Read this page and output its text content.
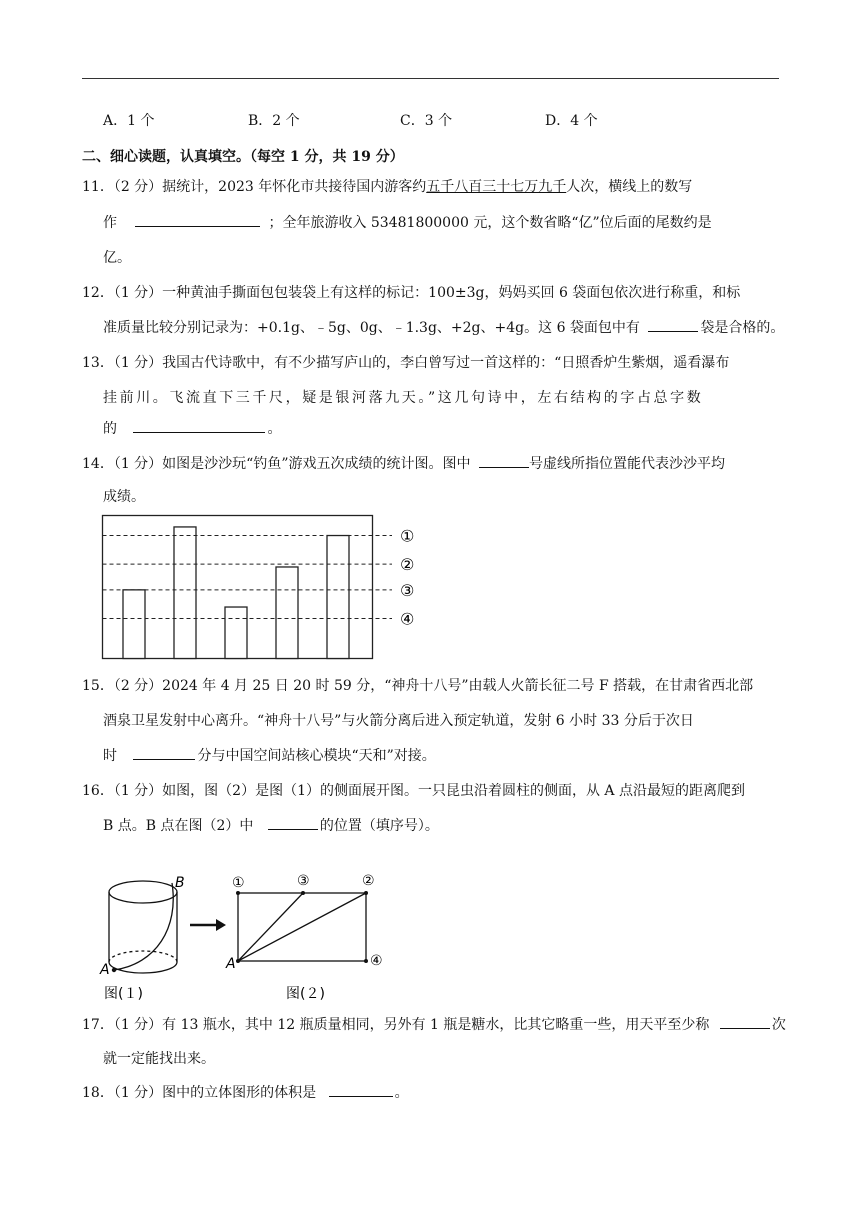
A．1 个	B．2 个	C．3 个	D．4 个
二、细心读题，认真填空。（每空 1 分，共 19 分）
11．（2 分）据统计，2023 年怀化市共接待国内游客约五千八百三十七万九千人次，横线上的数写
作	；全年旅游收入 53481800000 元，这个数省略“亿”位后面的尾数约是
亿。
12．（1 分）一种黄油手撕面包包装袋上有这样的标记：100±3g，妈妈买回 6 袋面包依次进行称重，和标
准质量比较分别记录为：+0.1g、﹣5g、0g、﹣1.3g、+2g、+4g。这 6 袋面包中有	袋是合格的。
13．（1 分）我国古代诗歌中，有不少描写庐山的，李白曾写过一首这样的：“日照香炉生紫烟，遥看瀑布
挂前川。飞流直下三千尺，疑是银河落九天。”这几句诗中，左右结构的字占总字数
的	。
14．（1 分）如图是沙沙玩“钓鱼”游戏五次成绩的统计图。图中	号虚线所指位置能代表沙沙平均
成绩。
①
②
③
④
15．（2 分）2024 年 4 月 25 日 20 时 59 分，“神舟十八号”由载人火箭长征二号 F 搭载，在甘肃省西北部
酒泉卫星发射中心离升。“神舟十八号”与火箭分离后进入预定轨道，发射 6 小时 33 分后于次日
时	分与中国空间站核心模块“天和”对接。
16．（1 分）如图，图（2）是图（1）的侧面展开图。一只昆虫沿着圆柱的侧面，从 A 点沿最短的距离爬到
B 点。B 点在图（2）中	的位置（填序号）。
B
A
①	③	②
④
A
图(１)	图(２)
17．（1 分）有 13 瓶水，其中 12 瓶质量相同，另外有 1 瓶是糖水，比其它略重一些，用天平至少称	次
就一定能找出来。
18．（1 分）图中的立体图形的体积是	。
